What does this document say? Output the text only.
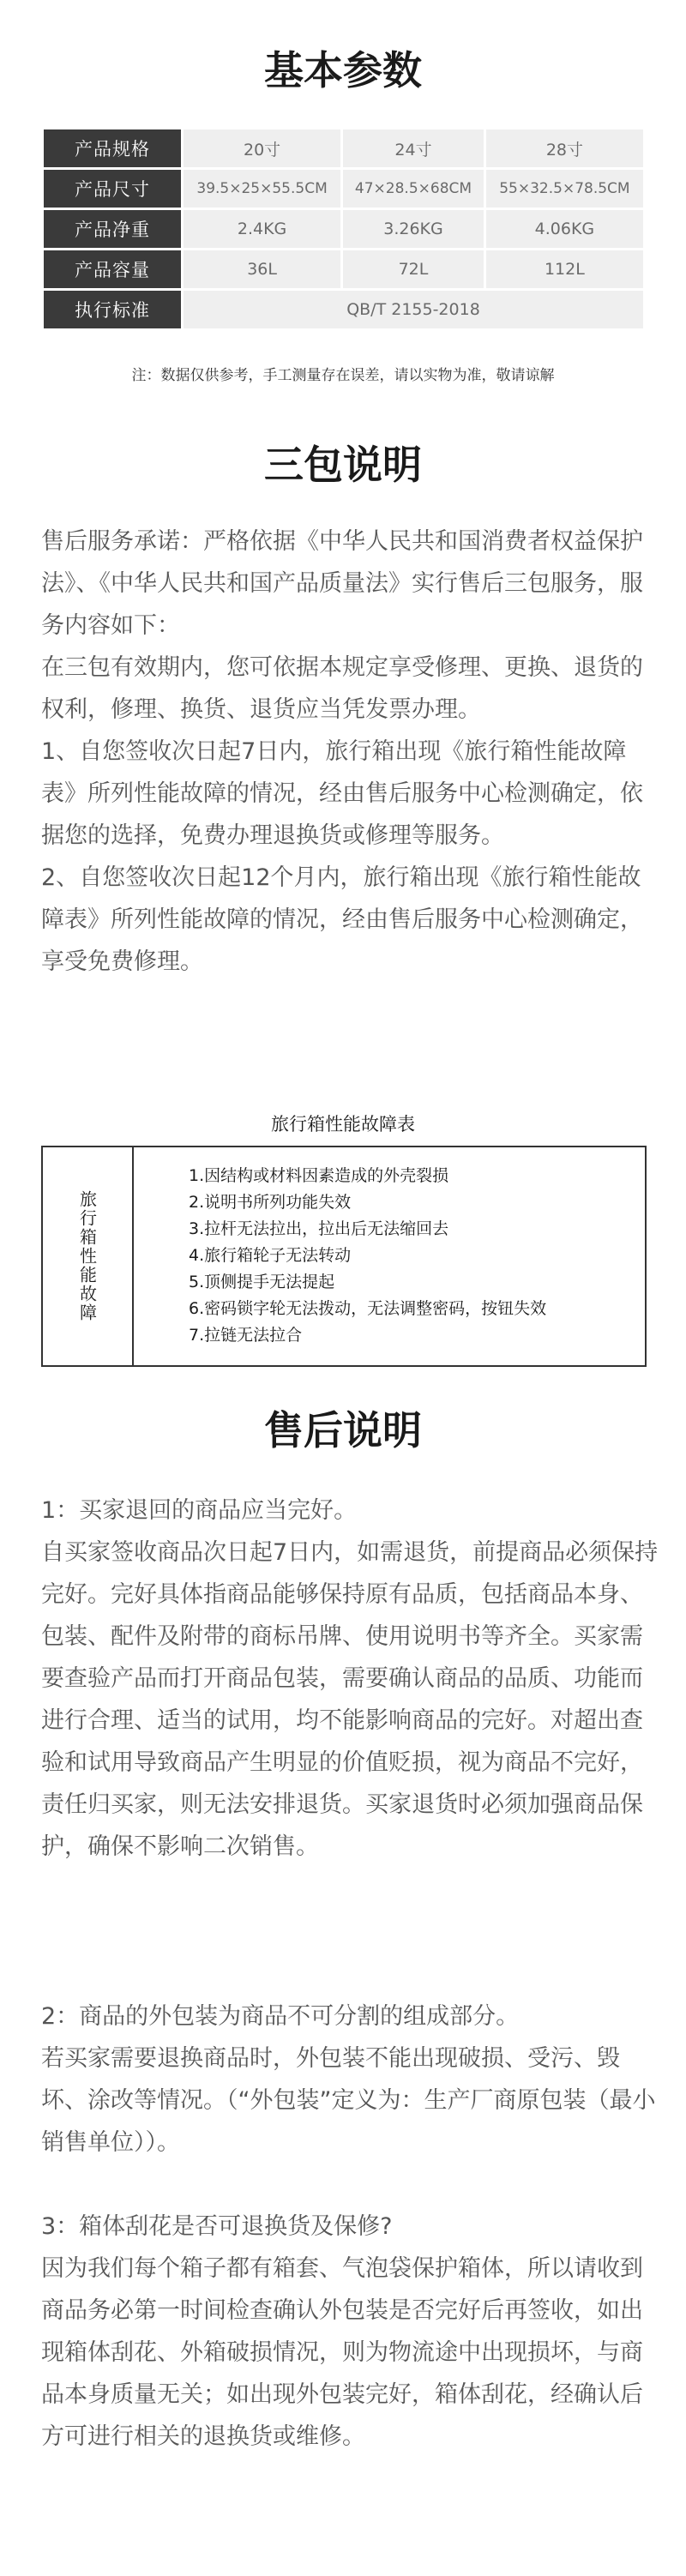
基本参数
产品规格	20寸	24寸	28寸
产品尺寸	39.5×25×55.5CM	47×28.5×68CM	55×32.5×78.5CM
产品净重	2.4KG	3.26KG	4.06KG
产品容量	36L	72L	112L
执行标准	QB/T 2155-2018		
注：数据仅供参考，手工测量存在误差，请以实物为准，敬请谅解
三包说明

售后服务承诺：严格依据《中华人民共和国消费者权益保护法》、《中华人民共和国产品质量法》实行售后三包服务，服务内容如下：

在三包有效期内，您可依据本规定享受修理、更换、退货的权利，修理、换货、退货应当凭发票办理。

1、自您签收次日起7日内，旅行箱出现《旅行箱性能故障表》所列性能故障的情况，经由售后服务中心检测确定，依据您的选择，免费办理退换货或修理等服务。

2、自您签收次日起12个月内，旅行箱出现《旅行箱性能故障表》所列性能故障的情况，经由售后服务中心检测确定，享受免费修理。

旅行箱性能故障表
旅行箱性能故障
1.因结构或材料因素造成的外壳裂损
2.说明书所列功能失效
3.拉杆无法拉出，拉出后无法缩回去
4.旅行箱轮子无法转动
5.顶侧提手无法提起
6.密码锁字轮无法拨动，无法调整密码，按钮失效
7.拉链无法拉合
售后说明

1：买家退回的商品应当完好。

自买家签收商品次日起7日内，如需退货，前提商品必须保持完好。完好具体指商品能够保持原有品质，包括商品本身、包装、配件及附带的商标吊牌、使用说明书等齐全。买家需要查验产品而打开商品包装，需要确认商品的品质、功能而进行合理、适当的试用，均不能影响商品的完好。对超出查验和试用导致商品产生明显的价值贬损，视为商品不完好，责任归买家，则无法安排退货。买家退货时必须加强商品保护，确保不影响二次销售。

2：商品的外包装为商品不可分割的组成部分。

若买家需要退换商品时，外包装不能出现破损、受污、毁坏、涂改等情况。（“外包装”定义为：生产厂商原包装（最小销售单位））。

3：箱体刮花是否可退换货及保修?

因为我们每个箱子都有箱套、气泡袋保护箱体，所以请收到商品务必第一时间检查确认外包装是否完好后再签收，如出现箱体刮花、外箱破损情况，则为物流途中出现损坏，与商品本身质量无关；如出现外包装完好，箱体刮花，经确认后方可进行相关的退换货或维修。
